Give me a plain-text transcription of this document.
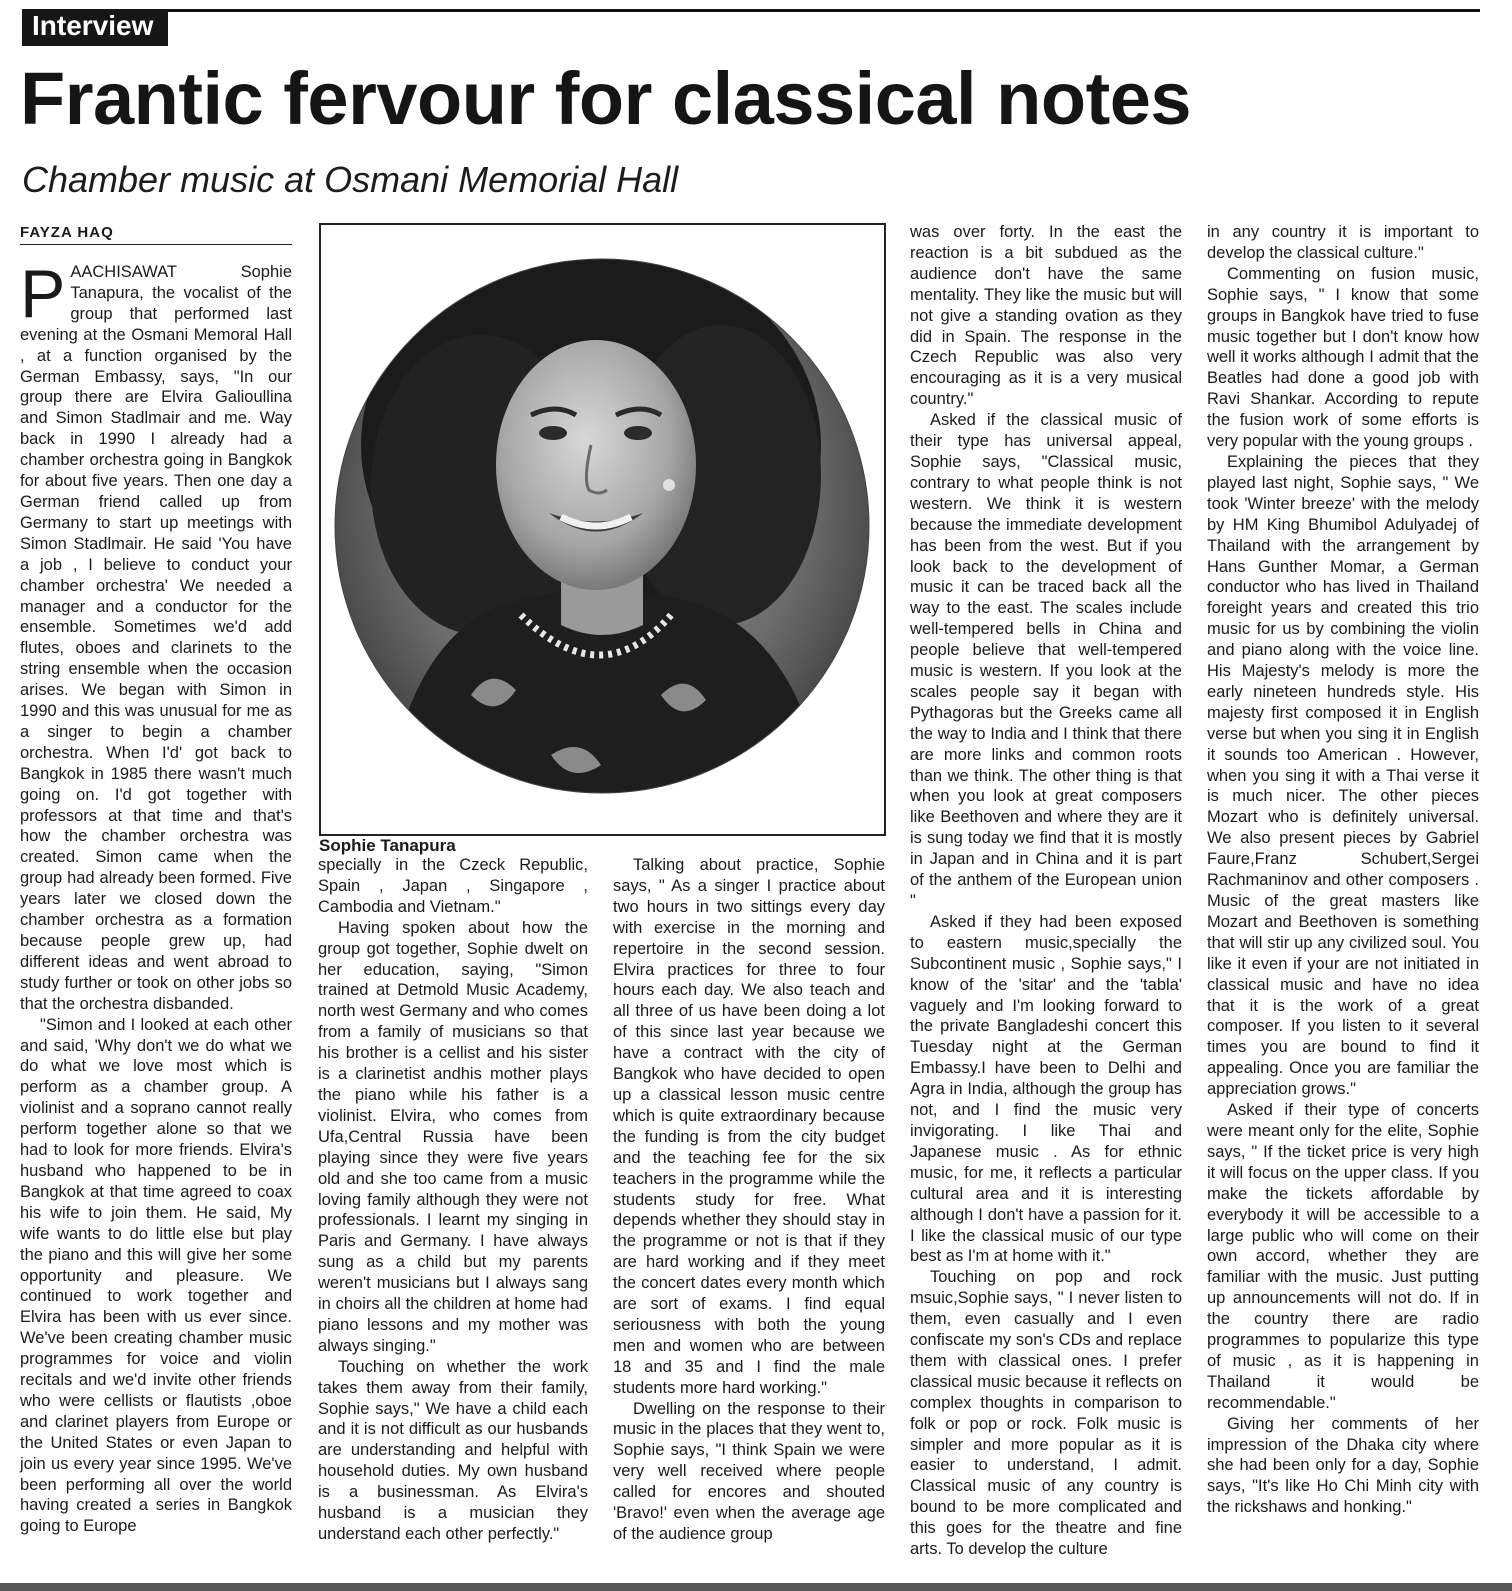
Interview
Frantic fervour for classical notes
Chamber music at Osmani Memorial Hall
FAYZA HAQ

PAACHISAWAT Sophie Tanapura, the vocalist of the group that performed last evening at the Osmani Memoral Hall , at a function organised by the German Embassy, says, "In our group there are Elvira Galioullina and Simon Stadlmair and me. Way back in 1990 I already had a chamber orchestra going in Bangkok for about five years. Then one day a German friend called up from Germany to start up meetings with Simon Stadlmair. He said 'You have a job , I believe to conduct your chamber orchestra' We needed a manager and a conductor for the ensemble. Sometimes we'd add flutes, oboes and clarinets to the string ensemble when the occasion arises. We began with Simon in 1990 and this was unusual for me as a singer to begin a chamber orchestra. When I'd' got back to Bangkok in 1985 there wasn't much going on. I'd got together with professors at that time and that's how the chamber orchestra was created. Simon came when the group had already been formed. Five years later we closed down the chamber orchestra as a formation because people grew up, had different ideas and went abroad to study further or took on other jobs so that the orchestra disbanded.

"Simon and I looked at each other and said, 'Why don't we do what we do what we love most which is perform as a chamber group. A violinist and a soprano cannot really perform together alone so that we had to look for more friends. Elvira's husband who happened to be in Bangkok at that time agreed to coax his wife to join them. He said, My wife wants to do little else but play the piano and this will give her some opportunity and pleasure. We continued to work together and Elvira has been with us ever since. We've been creating chamber music programmes for voice and violin recitals and we'd invite other friends who were cellists or flautists ,oboe and clarinet players from Europe or the United States or even Japan to join us every year since 1995. We've been performing all over the world having created a series in Bangkok going to Europe

Sophie Tanapura

specially in the Czeck Republic, Spain , Japan , Singapore , Cambodia and Vietnam."

Having spoken about how the group got together, Sophie dwelt on her education, saying, "Simon trained at Detmold Music Academy, north west Germany and who comes from a family of musicians so that his brother is a cellist and his sister is a clarinetist andhis mother plays the piano while his father is a violinist. Elvira, who comes from Ufa,Central Russia have been playing since they were five years old and she too came from a music loving family although they were not professionals. I learnt my singing in Paris and Germany. I have always sung as a child but my parents weren't musicians but I always sang in choirs all the children at home had piano lessons and my mother was always singing."

Touching on whether the work takes them away from their family, Sophie says," We have a child each and it is not difficult as our husbands are understanding and helpful with household duties. My own husband is a businessman. As Elvira's husband is a musician they understand each other perfectly."

Talking about practice, Sophie says, " As a singer I practice about two hours in two sittings every day with exercise in the morning and repertoire in the second session. Elvira practices for three to four hours each day. We also teach and all three of us have been doing a lot of this since last year because we have a contract with the city of Bangkok who have decided to open up a classical lesson music centre which is quite extraordinary because the funding is from the city budget and the teaching fee for the six teachers in the programme while the students study for free. What depends whether they should stay in the programme or not is that if they are hard working and if they meet the concert dates every month which are sort of exams. I find equal seriousness with both the young men and women who are between 18 and 35 and I find the male students more hard working."

Dwelling on the response to their music in the places that they went to, Sophie says, "I think Spain we were very well received where people called for encores and shouted 'Bravo!' even when the average age of the audience group

was over forty. In the east the reaction is a bit subdued as the audience don't have the same mentality. They like the music but will not give a standing ovation as they did in Spain. The response in the Czech Republic was also very encouraging as it is a very musical country."

Asked if the classical music of their type has universal appeal, Sophie says, "Classical music, contrary to what people think is not western. We think it is western because the immediate development has been from the west. But if you look back to the development of music it can be traced back all the way to the east. The scales include well-tempered bells in China and people believe that well-tempered music is western. If you look at the scales people say it began with Pythagoras but the Greeks came all the way to India and I think that there are more links and common roots than we think. The other thing is that when you look at great composers like Beethoven and where they are it is sung today we find that it is mostly in Japan and in China and it is part of the anthem of the European union "

Asked if they had been exposed to eastern music,specially the Subcontinent music , Sophie says," I know of the 'sitar' and the 'tabla' vaguely and I'm looking forward to the private Bangladeshi concert this Tuesday night at the German Embassy.I have been to Delhi and Agra in India, although the group has not, and I find the music very invigorating. I like Thai and Japanese music . As for ethnic music, for me, it reflects a particular cultural area and it is interesting although I don't have a passion for it. I like the classical music of our type best as I'm at home with it."

Touching on pop and rock msuic,Sophie says, " I never listen to them, even casually and I even confiscate my son's CDs and replace them with classical ones. I prefer classical music because it reflects on complex thoughts in comparison to folk or pop or rock. Folk music is simpler and more popular as it is easier to understand, I admit. Classical music of any country is bound to be more complicated and this goes for the theatre and fine arts. To develop the culture

in any country it is important to develop the classical culture."

Commenting on fusion music, Sophie says, " I know that some groups in Bangkok have tried to fuse music together but I don't know how well it works although I admit that the Beatles had done a good job with Ravi Shankar. According to repute the fusion work of some efforts is very popular with the young groups .

Explaining the pieces that they played last night, Sophie says, " We took 'Winter breeze' with the melody by HM King Bhumibol Adulyadej of Thailand with the arrangement by Hans Gunther Momar, a German conductor who has lived in Thailand foreight years and created this trio music for us by combining the violin and piano along with the voice line. His Majesty's melody is more the early nineteen hundreds style. His majesty first composed it in English verse but when you sing it in English it sounds too American . However, when you sing it with a Thai verse it is much nicer. The other pieces Mozart who is definitely universal. We also present pieces by Gabriel Faure,Franz Schubert,Sergei Rachmaninov and other composers . Music of the great masters like Mozart and Beethoven is something that will stir up any civilized soul. You like it even if your are not initiated in classical music and have no idea that it is the work of a great composer. If you listen to it several times you are bound to find it appealing. Once you are familiar the appreciation grows."

Asked if their type of concerts were meant only for the elite, Sophie says, " If the ticket price is very high it will focus on the upper class. If you make the tickets affordable by everybody it will be accessible to a large public who will come on their own accord, whether they are familiar with the music. Just putting up announcements will not do. If in the country there are radio programmes to popularize this type of music , as it is happening in Thailand it would be recommendable."

Giving her comments of her impression of the Dhaka city where she had been only for a day, Sophie says, "It's like Ho Chi Minh city with the rickshaws and honking."
